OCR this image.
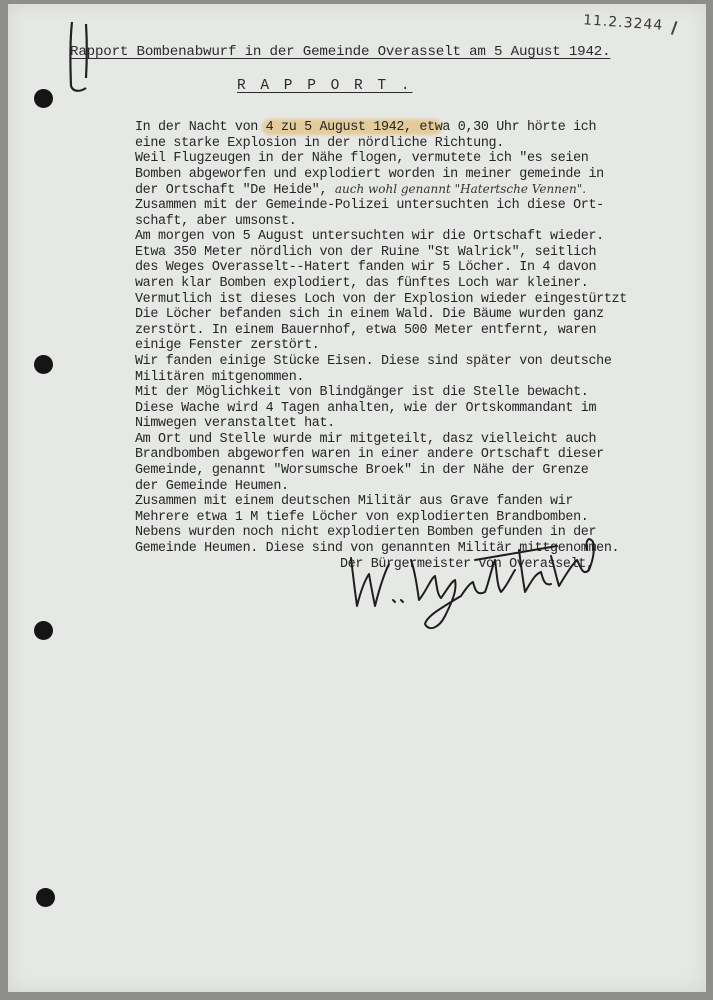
11.2.3244
Rapport Bombenabwurf in der Gemeinde Overasselt am 5 August 1942.
R A P P O R T .
In der Nacht von 4 zu 5 August 1942, etwa 0,30 Uhr hörte ich
eine starke Explosion in der nördliche Richtung.
Weil Flugzeugen in der Nähe flogen, vermutete ich "es seien
Bomben abgeworfen und explodiert worden in meiner gemeinde in
der Ortschaft "De Heide", auch wohl genannt "Hatertsche Vennen".
Zusammen mit der Gemeinde-Polizei untersuchten ich diese Ort-
schaft, aber umsonst.
Am morgen von 5 August untersuchten wir die Ortschaft wieder.
Etwa 350 Meter nördlich von der Ruine "St Walrick", seitlich
des Weges Overasselt--Hatert fanden wir 5 Löcher. In 4 davon
waren klar Bomben explodiert, das fünftes Loch war kleiner.
Vermutlich ist dieses Loch von der Explosion wieder eingestürtzt
Die Löcher befanden sich in einem Wald. Die Bäume wurden ganz
zerstört. In einem Bauernhof, etwa 500 Meter entfernt, waren
einige Fenster zerstört.
Wir fanden einige Stücke Eisen. Diese sind später von deutsche
Militären mitgenommen.
Mit der Möglichkeit von Blindgänger ist die Stelle bewacht.
Diese Wache wird 4 Tagen anhalten, wie der Ortskommandant im
Nimwegen veranstaltet hat.
Am Ort und Stelle wurde mir mitgeteilt, dasz vielleicht auch
Brandbomben abgeworfen waren in einer andere Ortschaft dieser
Gemeinde, genannt "Worsumsche Broek" in der Nähe der Grenze
der Gemeinde Heumen.
Zusammen mit einem deutschen Militär aus Grave fanden wir
Mehrere etwa 1 M tiefe Löcher von explodierten Brandbomben.
Nebens wurden noch nicht explodierten Bomben gefunden in der
Gemeinde Heumen. Diese sind von genannten Militär mittgenommen.
Der Bürgermeister von Overasselt,
